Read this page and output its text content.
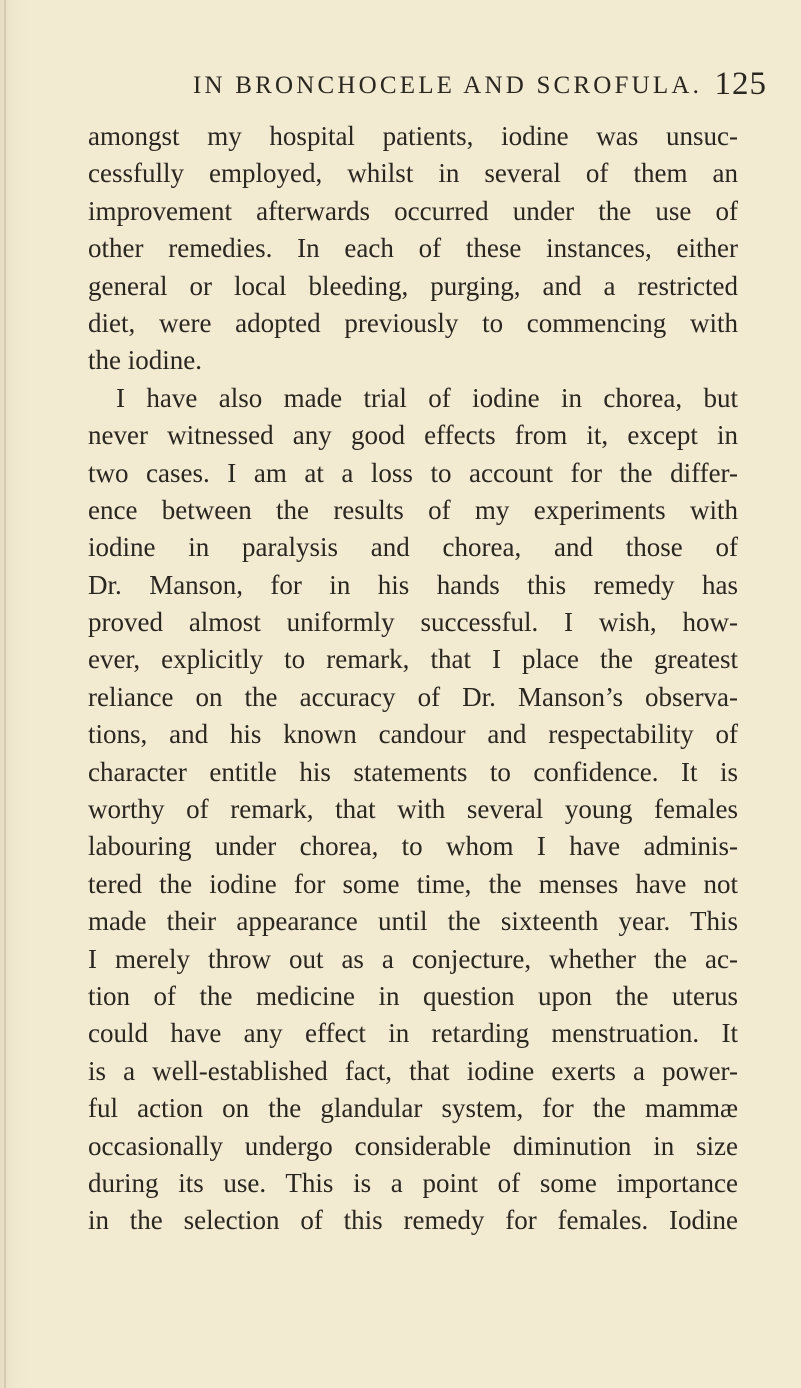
IN BRONCHOCELE AND SCROFULA. 125
amongst my hospital patients, iodine was unsuc-
cessfully employed, whilst in several of them an
improvement afterwards occurred under the use of
other remedies. In each of these instances, either
general or local bleeding, purging, and a restricted
diet, were adopted previously to commencing with
the iodine.
I have also made trial of iodine in chorea, but
never witnessed any good effects from it, except in
two cases. I am at a loss to account for the differ-
ence between the results of my experiments with
iodine in paralysis and chorea, and those of
Dr. Manson, for in his hands this remedy has
proved almost uniformly successful. I wish, how-
ever, explicitly to remark, that I place the greatest
reliance on the accuracy of Dr. Manson’s observa-
tions, and his known candour and respectability of
character entitle his statements to confidence. It is
worthy of remark, that with several young females
labouring under chorea, to whom I have adminis-
tered the iodine for some time, the menses have not
made their appearance until the sixteenth year. This
I merely throw out as a conjecture, whether the ac-
tion of the medicine in question upon the uterus
could have any effect in retarding menstruation. It
is a well-established fact, that iodine exerts a power-
ful action on the glandular system, for the mammæ
occasionally undergo considerable diminution in size
during its use. This is a point of some importance
in the selection of this remedy for females. Iodine
